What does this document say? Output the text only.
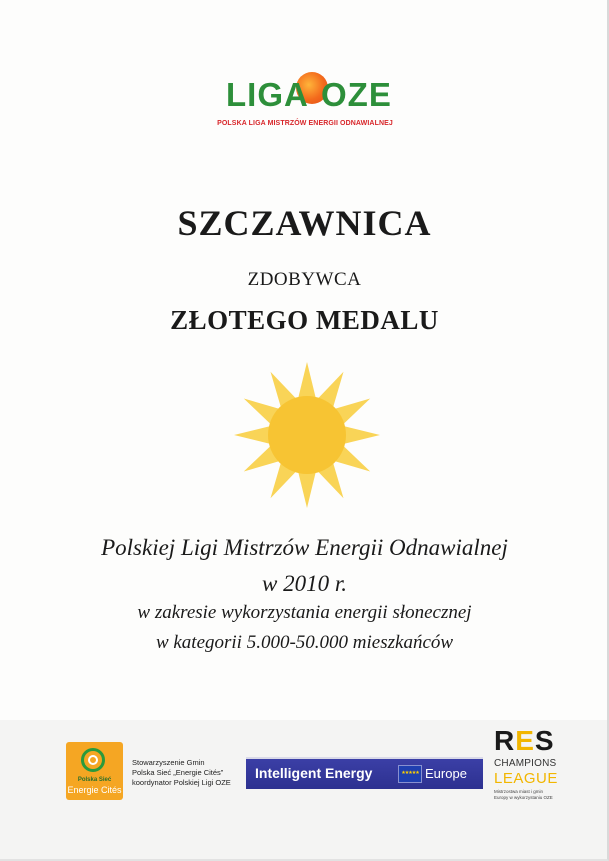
LIGA OZE
POLSKA LIGA MISTRZÓW ENERGII ODNAWIALNEJ
SZCZAWNICA
ZDOBYWCA
ZŁOTEGO MEDALU
Polskiej Ligi Mistrzów Energii Odnawialnej
w 2010 r.
w zakresie wykorzystania energii słonecznej
w kategorii 5.000-50.000 mieszkańców
Polska Sieć
Energie Cités
Stowarzyszenie Gmin
Polska Sieć „Energie Cités”
koordynator Polskiej Ligi OZE
Intelligent Energy	★★★★★ Europe
RES
CHAMPIONS
LEAGUE
Mistrzostwa miast i gmin Europy w wykorzystaniu OZE
